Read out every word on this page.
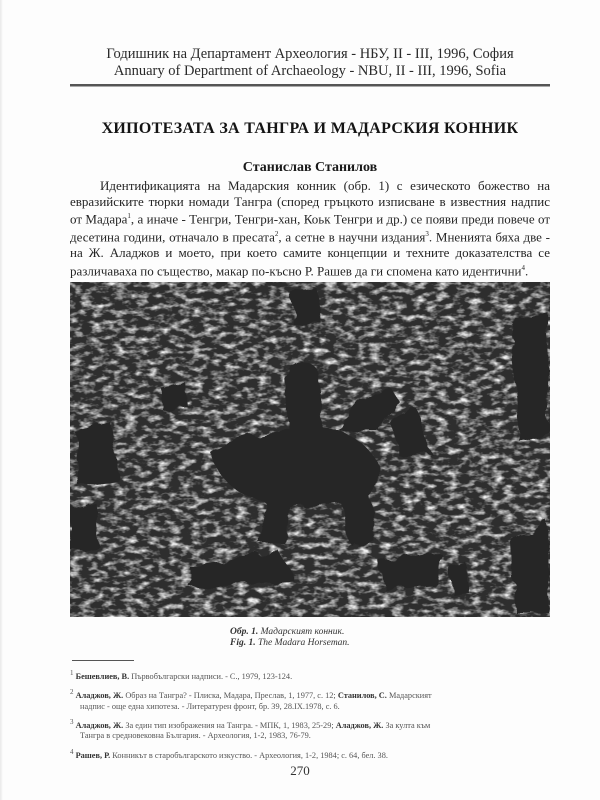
Годишник на Департамент Археология - НБУ, II - III, 1996, София
Annuary of Department of Archaeology - NBU, II - III, 1996, Sofia
ХИПОТЕЗАТА ЗА ТАНГРА И МАДАРСКИЯ КОННИК
Станислав Станилов

Идентификацията на Мадарския конник (обр. 1) с езическото божество на евразийските тюрки номади Тангра (според гръцкото изписване в известния надпис от Мадара$^1$, а иначе - Тенгри, Тенгри-хан, Коьк Тенгри и др.) се появи преди повече от десетина години, отначало в пресата$^2$, а сетне в научни издания$^3$. Мненията бяха две - на Ж. Аладжов и моето, при което самите концепции и техните доказателства се различаваха по същество, макар по-късно Р. Рашев да ги спомена като идентични$^4$.

Обр. 1. Мадарският конник.
Fig. 1. The Madara Horseman.

$^1$ Бешевлиев, В. Първобългарски надписи. - С., 1979, 123-124.

$^2$ Аладжов, Ж. Образ на Тангра? - Плиска, Мадара, Преслав, 1, 1977, с. 12; Станилов, С. Мадарският
надпис - още една хипотеза. - Литературен фронт, бр. 39, 28.IX.1978, с. 6.

$^3$ Аладжов, Ж. За един тип изображения на Тангра. - МПК, 1, 1983, 25-29; Аладжов, Ж. За култа към
Тангра в средновековна България. - Археология, 1-2, 1983, 76-79.

$^4$ Рашев, Р. Конникът в старобългарското изкуство. - Археология, 1-2, 1984; с. 64, бел. 38.

270
